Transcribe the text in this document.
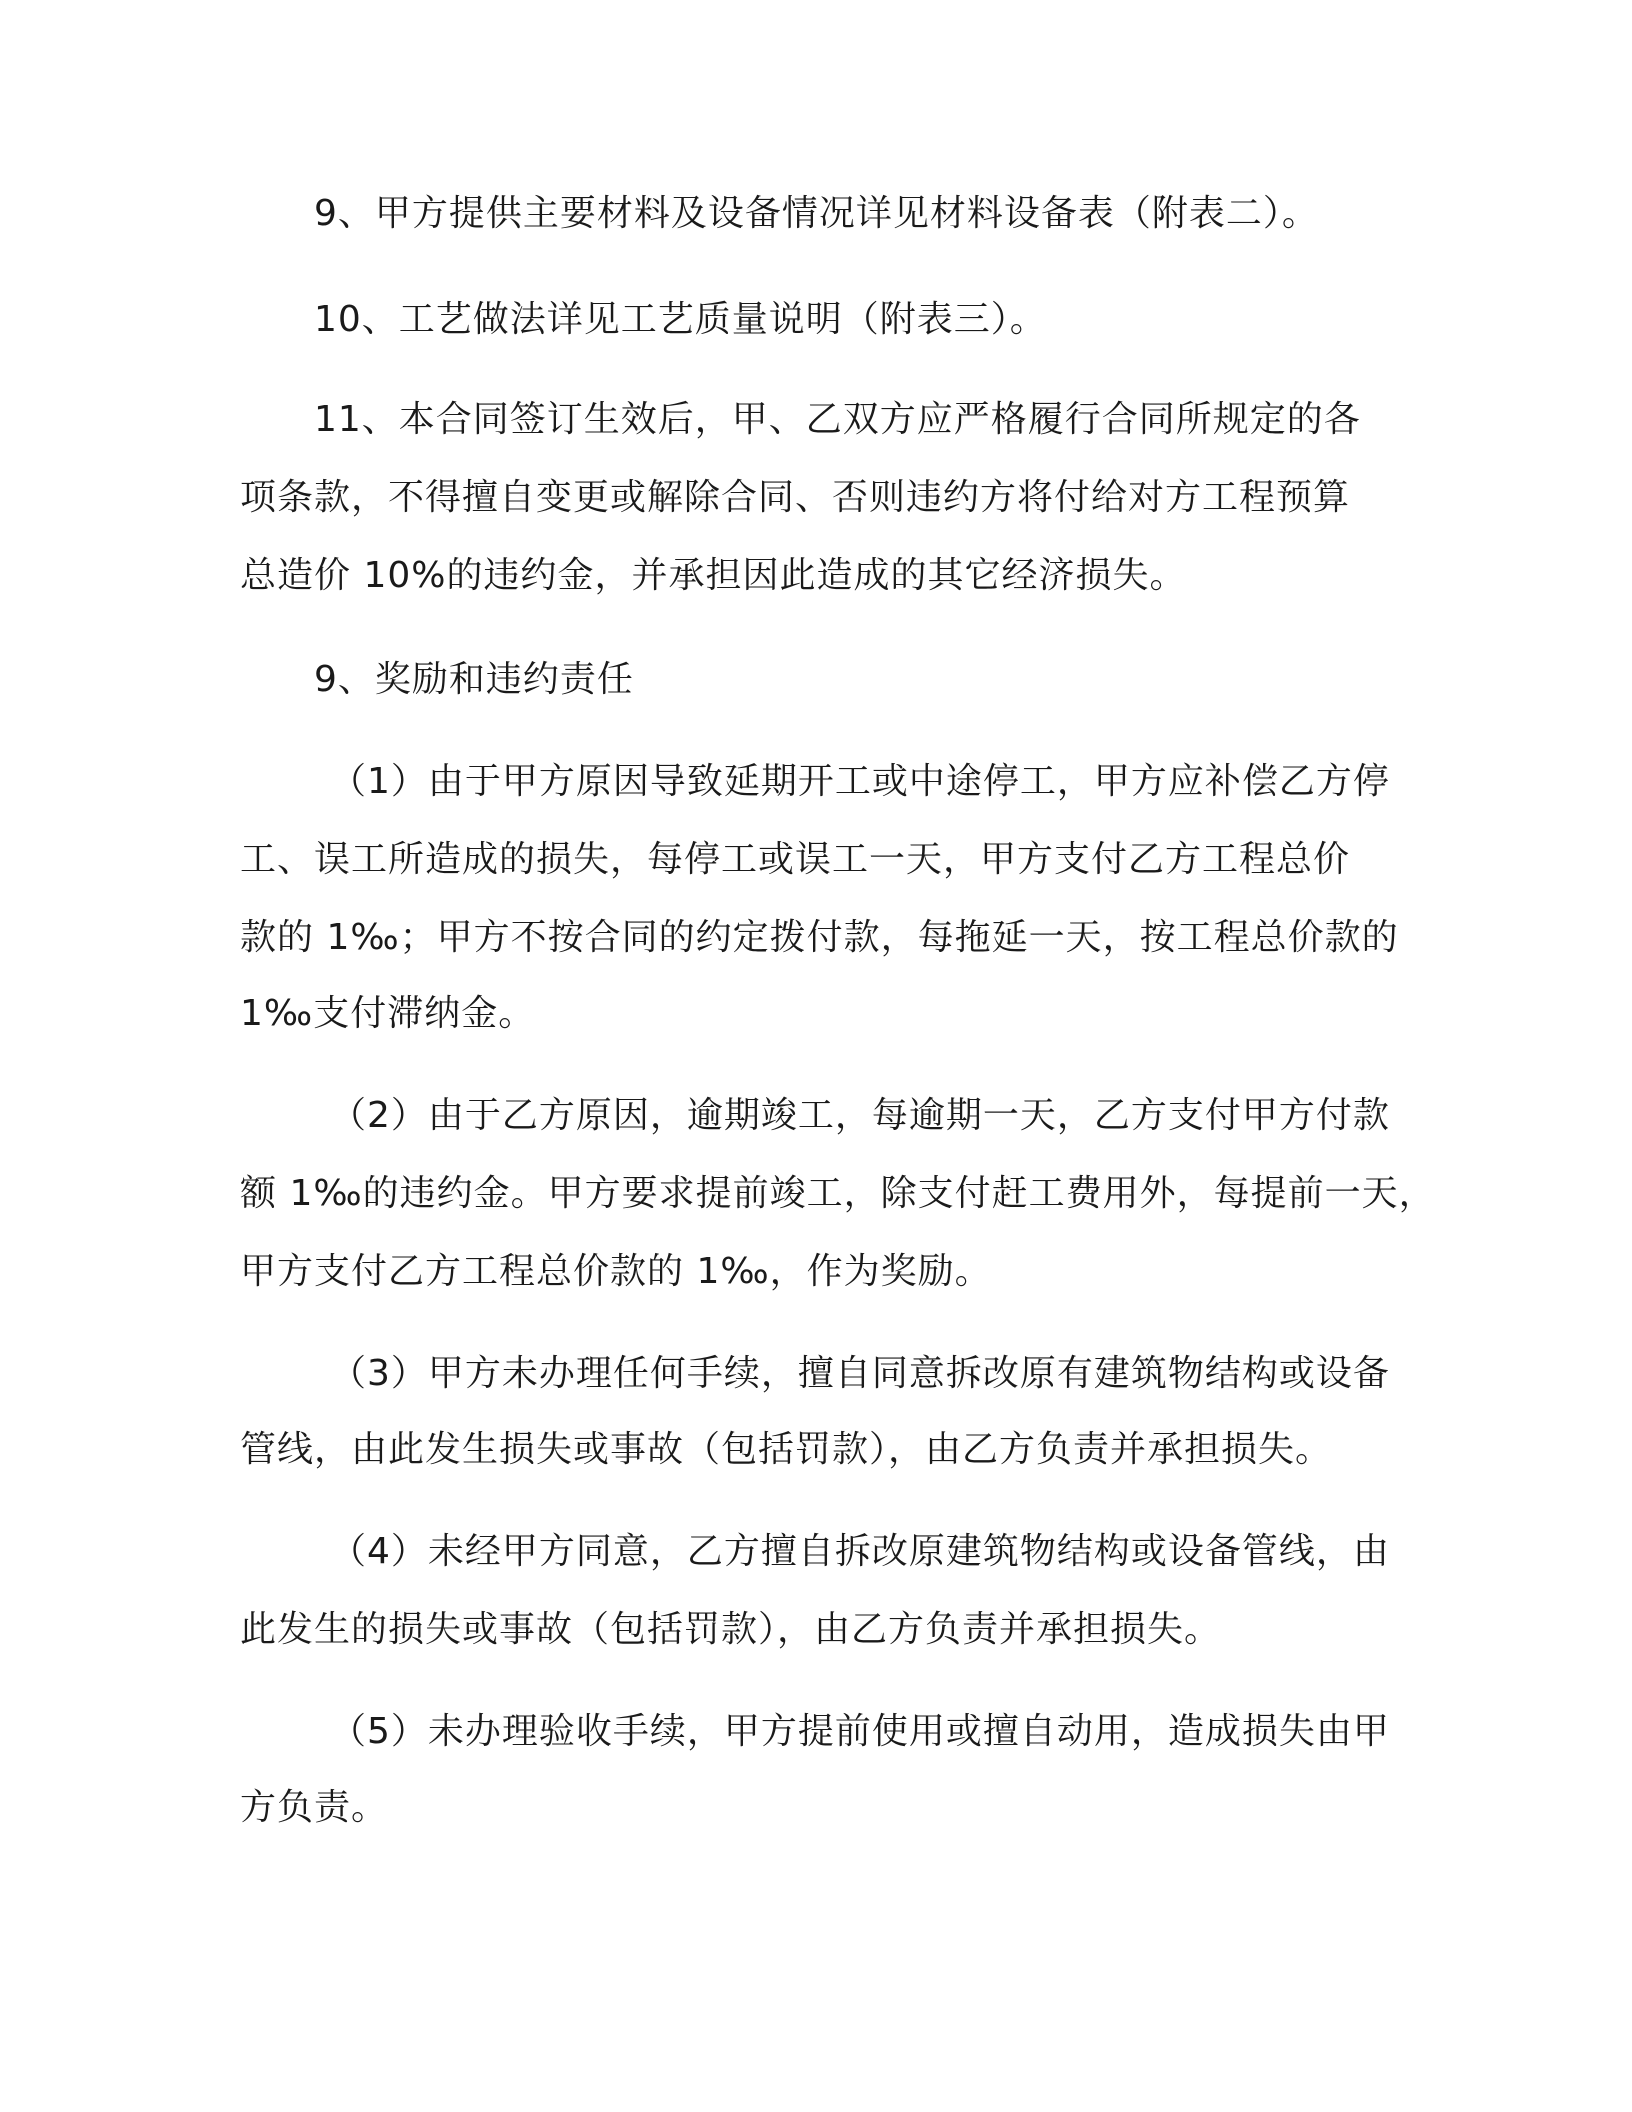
9、甲方提供主要材料及设备情况详见材料设备表（附表二）。
10、工艺做法详见工艺质量说明（附表三）。
11、本合同签订生效后，甲、乙双方应严格履行合同所规定的各
项条款，不得擅自变更或解除合同、否则违约方将付给对方工程预算
总造价 10%的违约金，并承担因此造成的其它经济损失。
9、奖励和违约责任
（1）由于甲方原因导致延期开工或中途停工，甲方应补偿乙方停
工、误工所造成的损失，每停工或误工一天，甲方支付乙方工程总价
款的 1‰；甲方不按合同的约定拨付款，每拖延一天，按工程总价款的
1‰支付滞纳金。
（2）由于乙方原因，逾期竣工，每逾期一天，乙方支付甲方付款
额 1‰的违约金。甲方要求提前竣工，除支付赶工费用外，每提前一天，
甲方支付乙方工程总价款的 1‰，作为奖励。
（3）甲方未办理任何手续，擅自同意拆改原有建筑物结构或设备
管线，由此发生损失或事故（包括罚款），由乙方负责并承担损失。
（4）未经甲方同意，乙方擅自拆改原建筑物结构或设备管线，由
此发生的损失或事故（包括罚款），由乙方负责并承担损失。
（5）未办理验收手续，甲方提前使用或擅自动用，造成损失由甲
方负责。
